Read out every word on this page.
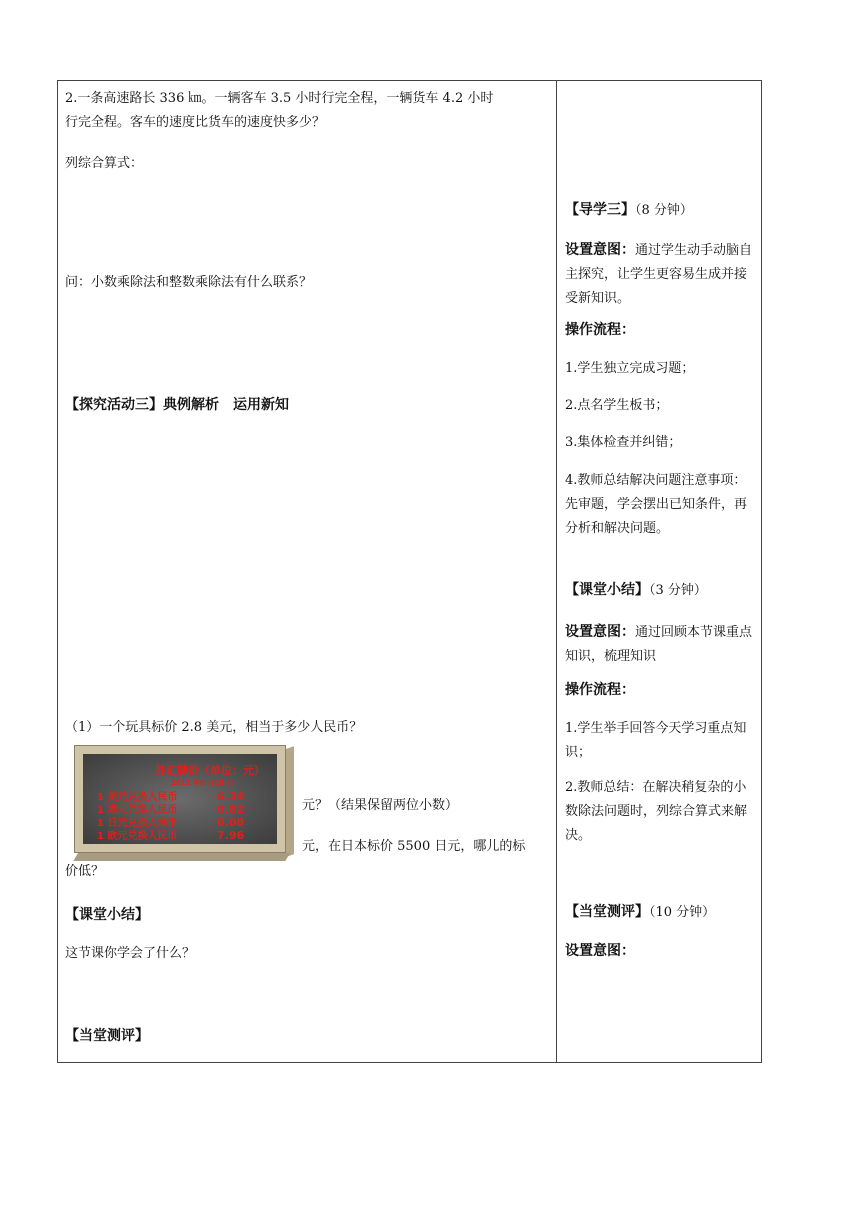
2.一条高速路长 336 ㎞。一辆客车 3.5 小时行完全程，一辆货车 4.2 小时
行完全程。客车的速度比货车的速度快多少？
列综合算式：
问：小数乘除法和整数乘除法有什么联系？
【探究活动三】典例解析　运用新知
（1）一个玩具标价 2.8 美元，相当于多少人民币？
元？（结果保留两位小数）
元，在日本标价 5500 日元，哪儿的标
价低？
【课堂小结】
这节课你学会了什么？
【当堂测评】
外汇牌价（单位：元）
2012 年8 月28 日
1 美元兑换人民币	6.34
1 港元兑换人民币	0.82
1 日元兑换人民币	0.08
1 欧元兑换人民币	7.96
【导学三】（8 分钟）
设置意图：通过学生动手动脑自主探究，让学生更容易生成并接受新知识。
操作流程：
1.学生独立完成习题；
2.点名学生板书；
3.集体检查并纠错；
4.教师总结解决问题注意事项：先审题，学会摆出已知条件，再分析和解决问题。
【课堂小结】（3 分钟）
设置意图：通过回顾本节课重点知识，梳理知识
操作流程：
1.学生举手回答今天学习重点知识；
2.教师总结：在解决稍复杂的小数除法问题时，列综合算式来解决。
【当堂测评】（10 分钟）
设置意图：
